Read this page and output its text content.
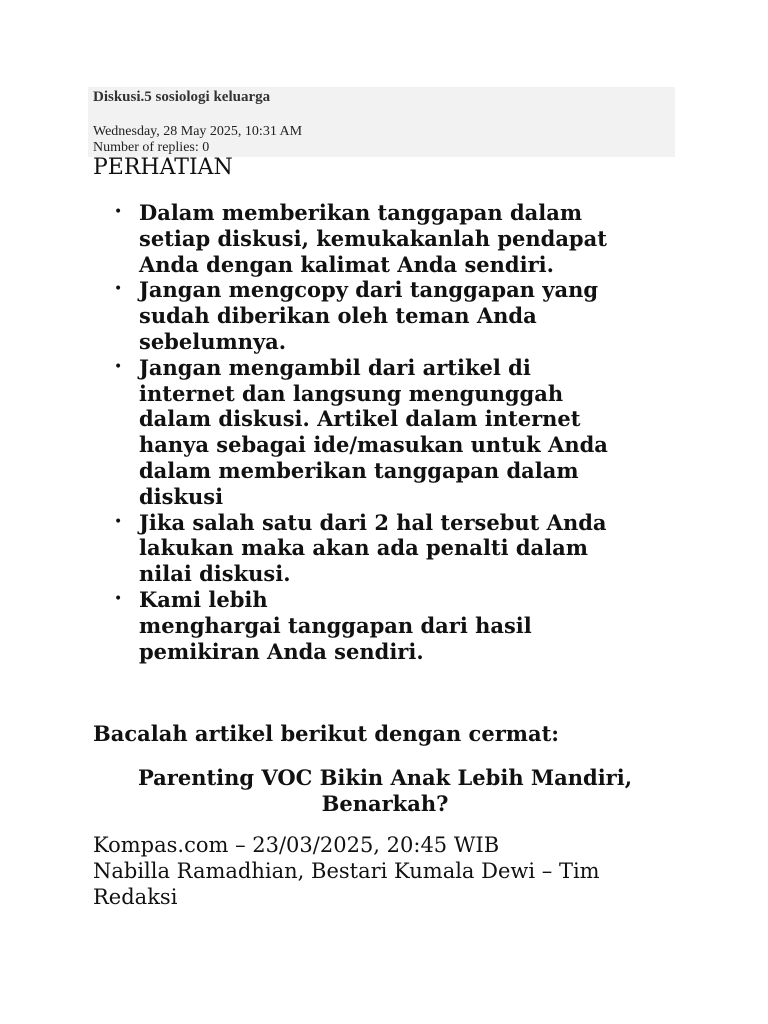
Diskusi.5 sosiologi keluarga
Wednesday, 28 May 2025, 10:31 AM
Number of replies: 0
PERHATIAN
• Dalam memberikan tanggapan dalam
setiap diskusi, kemukakanlah pendapat
Anda dengan kalimat Anda sendiri.
• Jangan mengcopy dari tanggapan yang
sudah diberikan oleh teman Anda
sebelumnya.
• Jangan mengambil dari artikel di
internet dan langsung mengunggah
dalam diskusi. Artikel dalam internet
hanya sebagai ide/masukan untuk Anda
dalam memberikan tanggapan dalam
diskusi
• Jika salah satu dari 2 hal tersebut Anda
lakukan maka akan ada penalti dalam
nilai diskusi.
• Kami lebih
menghargai tanggapan dari hasil
pemikiran Anda sendiri.
Bacalah artikel berikut dengan cermat:
Parenting VOC Bikin Anak Lebih Mandiri,
Benarkah?
Kompas.com – 23/03/2025, 20:45 WIB
Nabilla Ramadhian, Bestari Kumala Dewi – Tim
Redaksi
